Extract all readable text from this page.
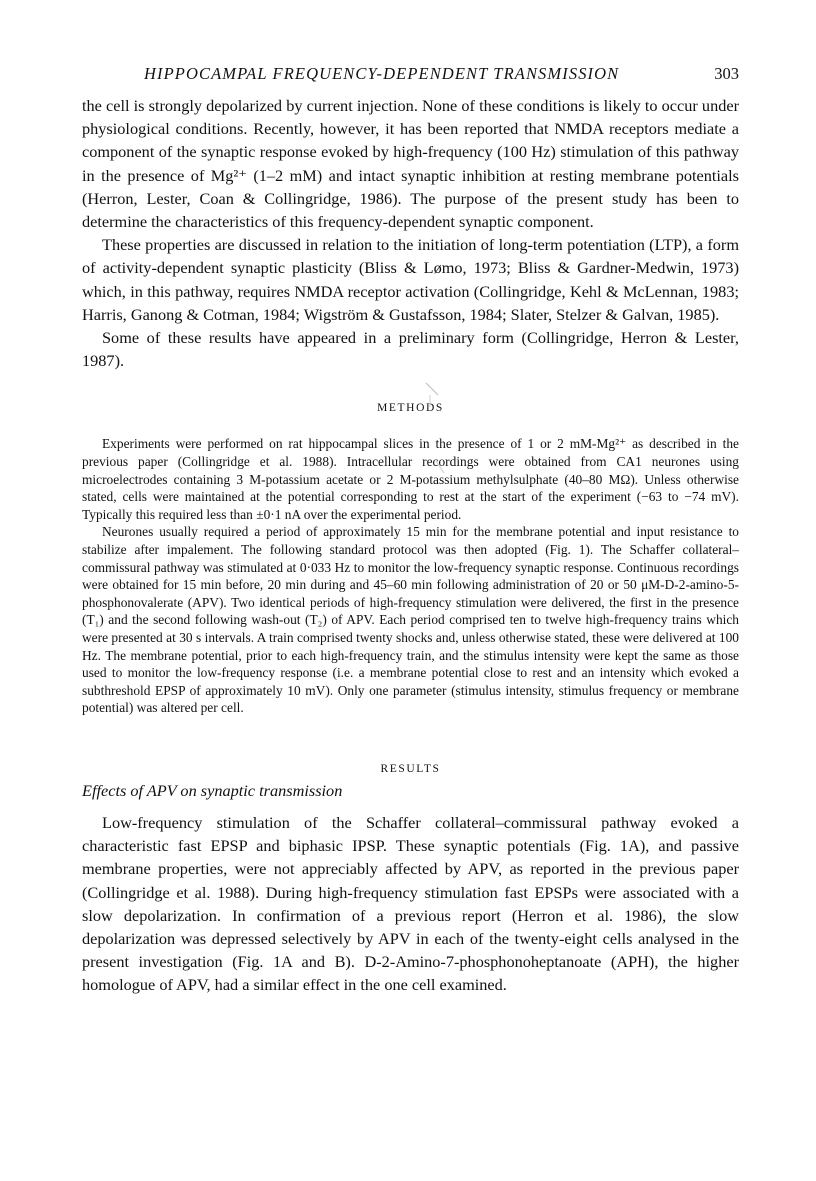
HIPPOCAMPAL FREQUENCY-DEPENDENT TRANSMISSION	303

the cell is strongly depolarized by current injection. None of these conditions is likely to occur under physiological conditions. Recently, however, it has been reported that NMDA receptors mediate a component of the synaptic response evoked by high-frequency (100 Hz) stimulation of this pathway in the presence of Mg²⁺ (1–2 mM) and intact synaptic inhibition at resting membrane potentials (Herron, Lester, Coan & Collingridge, 1986). The purpose of the present study has been to determine the characteristics of this frequency-dependent synaptic component.

These properties are discussed in relation to the initiation of long-term potentiation (LTP), a form of activity-dependent synaptic plasticity (Bliss & Lømo, 1973; Bliss & Gardner-Medwin, 1973) which, in this pathway, requires NMDA receptor activation (Collingridge, Kehl & McLennan, 1983; Harris, Ganong & Cotman, 1984; Wigström & Gustafsson, 1984; Slater, Stelzer & Galvan, 1985).

Some of these results have appeared in a preliminary form (Collingridge, Herron & Lester, 1987).

METHODS

Experiments were performed on rat hippocampal slices in the presence of 1 or 2 mM-Mg²⁺ as described in the previous paper (Collingridge et al. 1988). Intracellular recordings were obtained from CA1 neurones using microelectrodes containing 3 M-potassium acetate or 2 M-potassium methylsulphate (40–80 MΩ). Unless otherwise stated, cells were maintained at the potential corresponding to rest at the start of the experiment (−63 to −74 mV). Typically this required less than ±0·1 nA over the experimental period.

Neurones usually required a period of approximately 15 min for the membrane potential and input resistance to stabilize after impalement. The following standard protocol was then adopted (Fig. 1). The Schaffer collateral–commissural pathway was stimulated at 0·033 Hz to monitor the low-frequency synaptic response. Continuous recordings were obtained for 15 min before, 20 min during and 45–60 min following administration of 20 or 50 μM-D-2-amino-5-phosphonovalerate (APV). Two identical periods of high-frequency stimulation were delivered, the first in the presence (T₁) and the second following wash-out (T₂) of APV. Each period comprised ten to twelve high-frequency trains which were presented at 30 s intervals. A train comprised twenty shocks and, unless otherwise stated, these were delivered at 100 Hz. The membrane potential, prior to each high-frequency train, and the stimulus intensity were kept the same as those used to monitor the low-frequency response (i.e. a membrane potential close to rest and an intensity which evoked a subthreshold EPSP of approximately 10 mV). Only one parameter (stimulus intensity, stimulus frequency or membrane potential) was altered per cell.

RESULTS

Effects of APV on synaptic transmission

Low-frequency stimulation of the Schaffer collateral–commissural pathway evoked a characteristic fast EPSP and biphasic IPSP. These synaptic potentials (Fig. 1A), and passive membrane properties, were not appreciably affected by APV, as reported in the previous paper (Collingridge et al. 1988). During high-frequency stimulation fast EPSPs were associated with a slow depolarization. In confirmation of a previous report (Herron et al. 1986), the slow depolarization was depressed selectively by APV in each of the twenty-eight cells analysed in the present investigation (Fig. 1A and B). D-2-Amino-7-phosphonoheptanoate (APH), the higher homologue of APV, had a similar effect in the one cell examined.
